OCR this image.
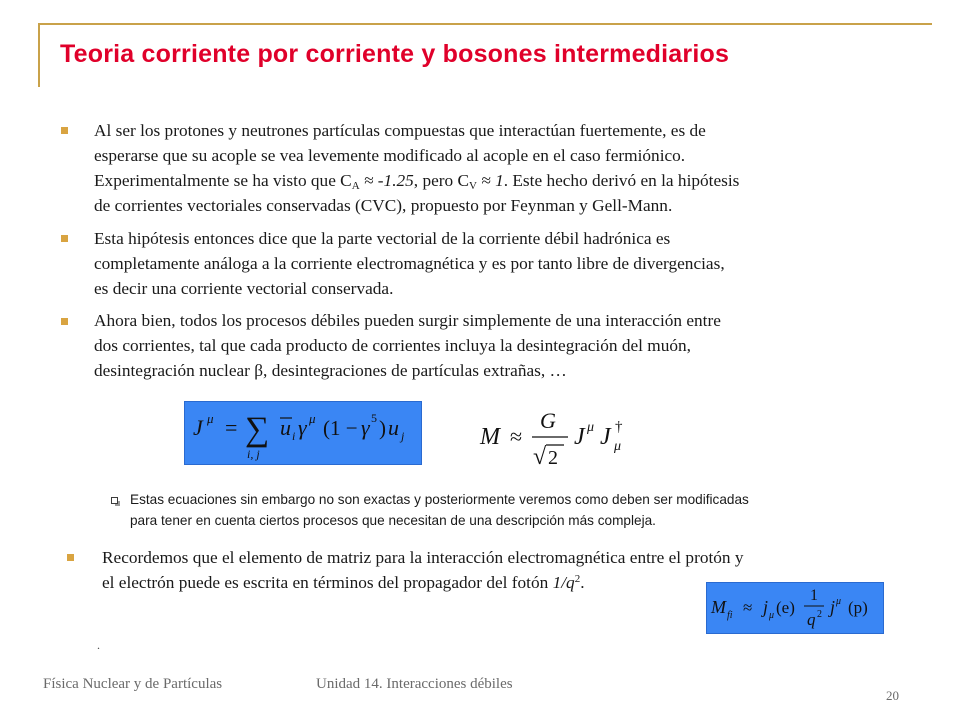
Teoria corriente por corriente y bosones intermediarios
Al ser los protones y neutrones partículas compuestas que interactúan fuertemente, es de
esperarse que su acople se vea levemente modificado al acople en el caso fermiónico.
Experimentalmente se ha visto que $C_A \approx -1.25$, pero $C_V \approx 1$. Este hecho derivó en la hipótesis
de corrientes vectoriales conservadas (CVC), propuesto por Feynman y Gell-Mann.
Esta hipótesis entonces dice que la parte vectorial de la corriente débil hadrónica es
completamente análoga a la corriente electromagnética y es por tanto libre de divergencias,
es decir una corriente vectorial conservada.
Ahora bien, todos los procesos débiles pueden surgir simplemente de una interacción entre
dos corrientes, tal que cada producto de corrientes incluya la desintegración del muón,
desintegración nuclear β, desintegraciones de partículas extrañas, …
J μ = ∑
i, j
u i γ μ (1 − γ 5 ) u j	M ≈
G
√ 2
J μ J †
μ
Estas ecuaciones sin embargo no son exactas y posteriormente veremos como deben ser modificadas
para tener en cuenta ciertos procesos que necesitan de una descripción más compleja.
Recordemos que el elemento de matriz para la interacción electromagnética entre el protón y
el electrón puede es escrita en términos del propagador del fotón $1/q^2$.
M fi ≈ j μ (e)
1
q 2 j μ (p)
.
Física Nuclear y de Partículas	Unidad 14. Interacciones débiles
20
